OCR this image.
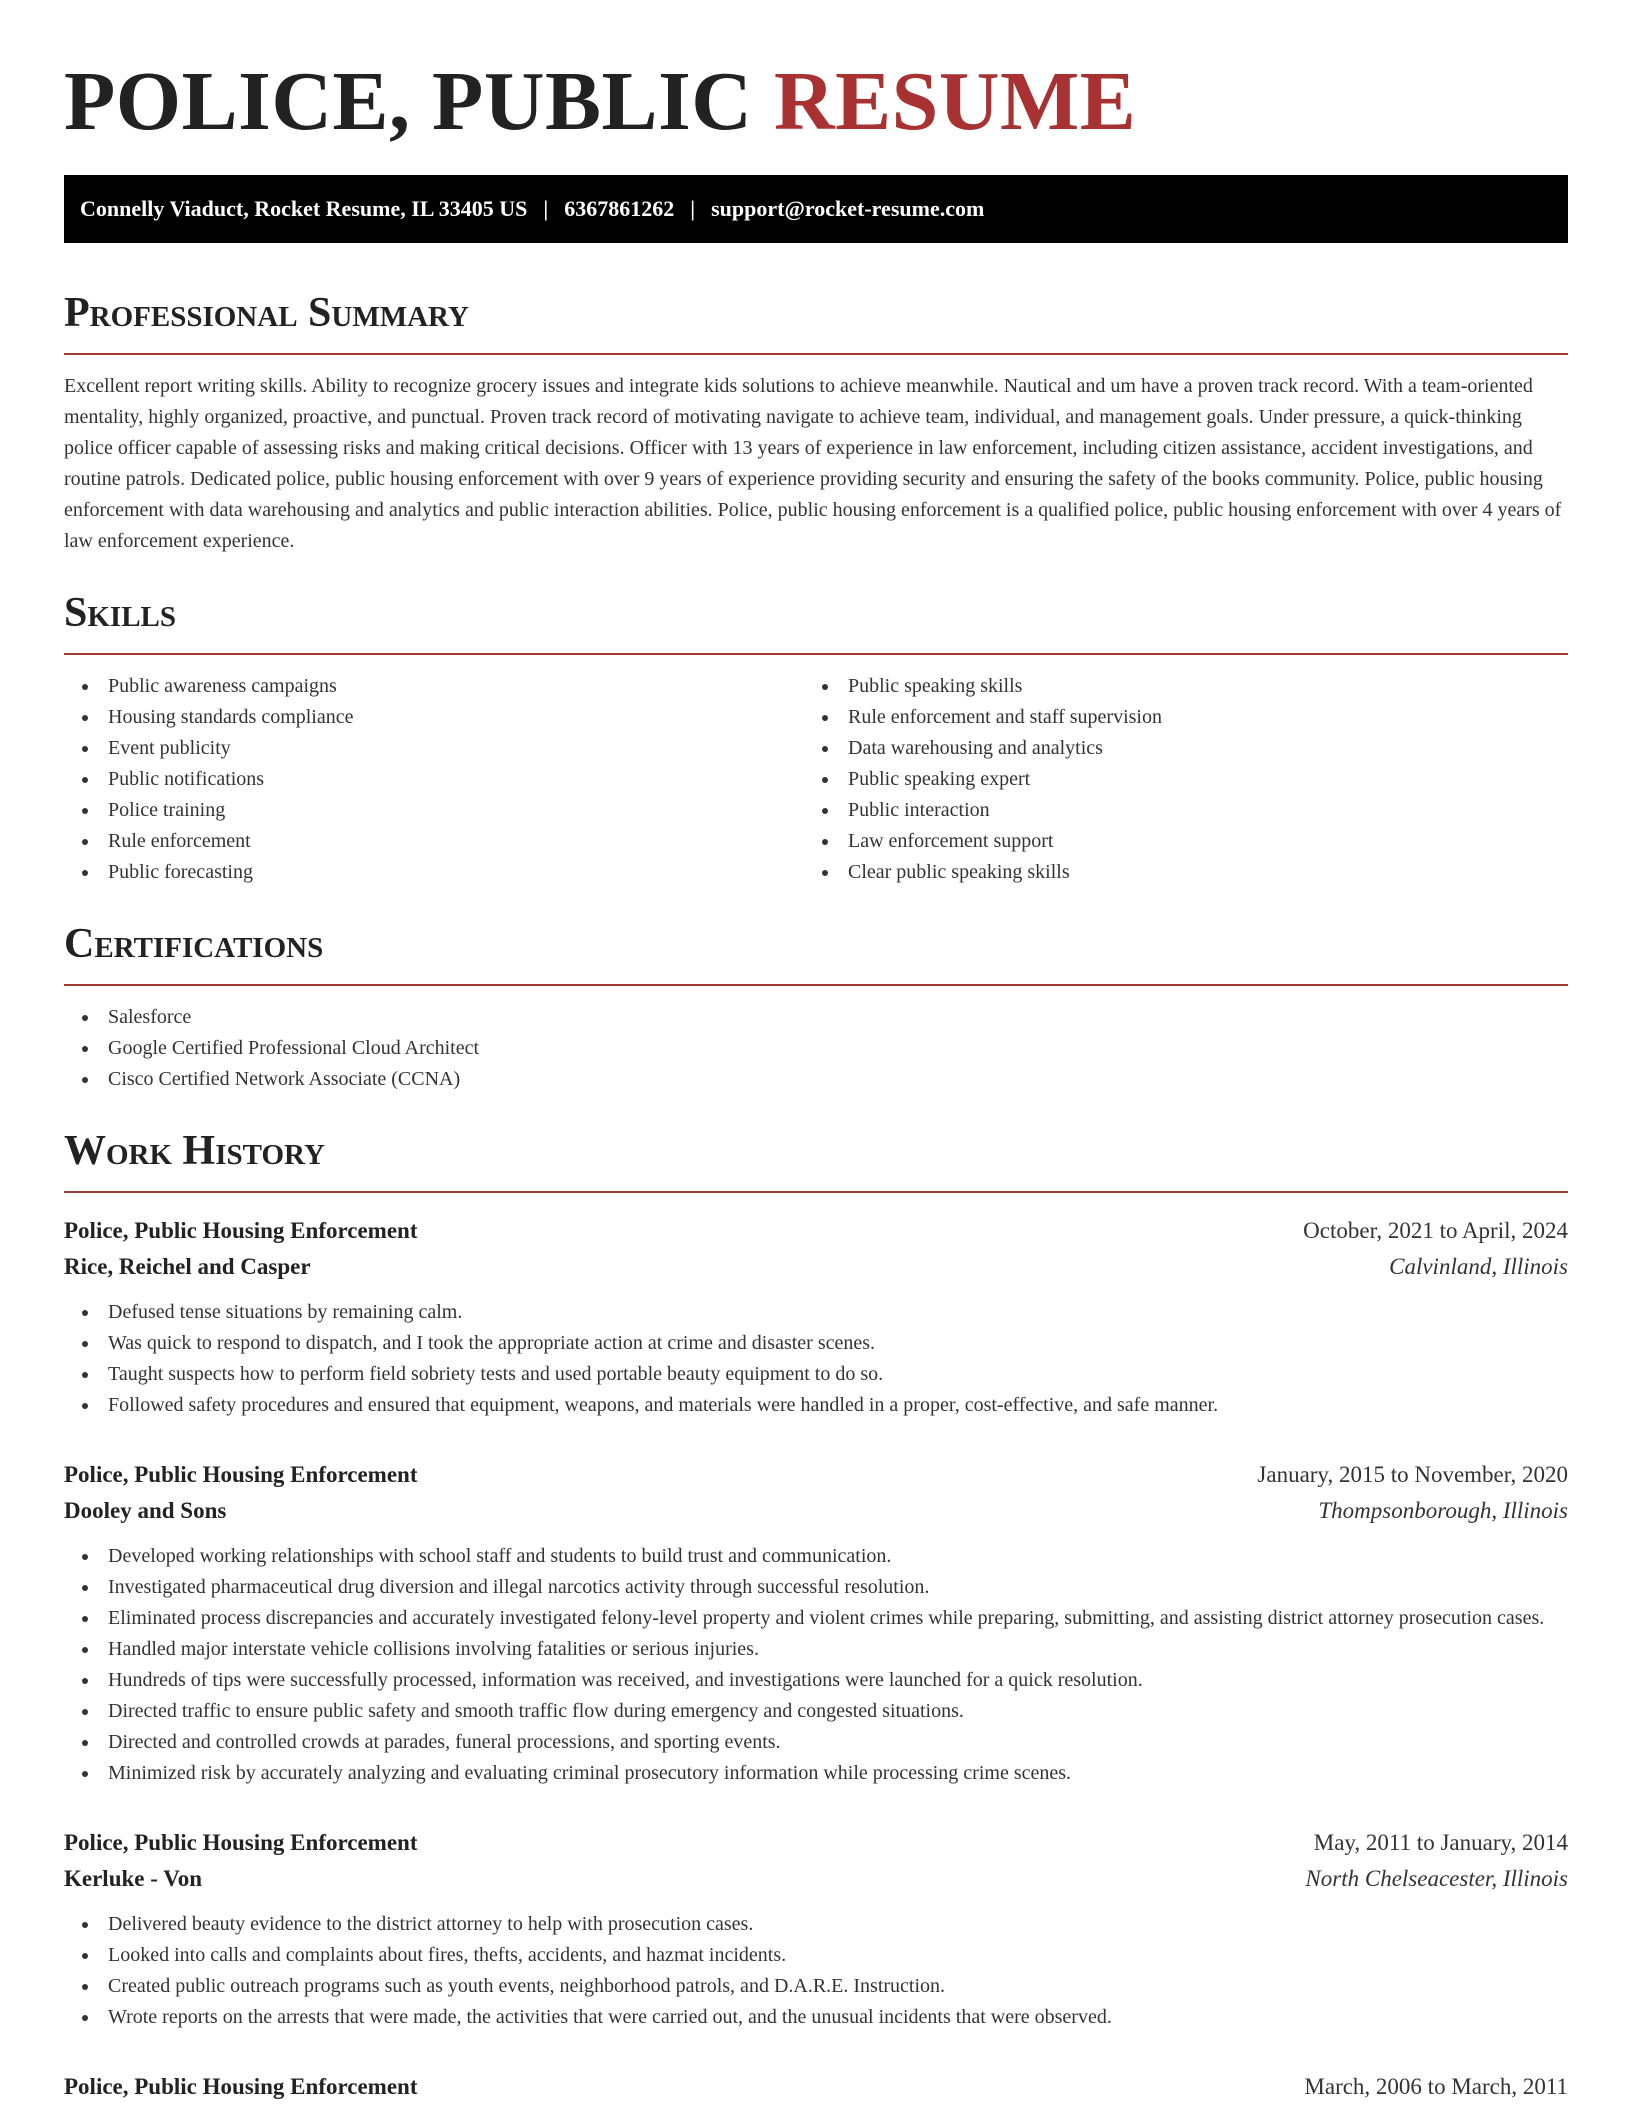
POLICE, PUBLIC RESUME
Connelly Viaduct, Rocket Resume, IL 33405 US | 6367861262 | support@rocket-resume.com
Professional Summary

Excellent report writing skills. Ability to recognize grocery issues and integrate kids solutions to achieve meanwhile. Nautical and um have a proven track record. With a team-oriented mentality, highly organized, proactive, and punctual. Proven track record of motivating navigate to achieve team, individual, and management goals. Under pressure, a quick-thinking police officer capable of assessing risks and making critical decisions. Officer with 13 years of experience in law enforcement, including citizen assistance, accident investigations, and routine patrols. Dedicated police, public housing enforcement with over 9 years of experience providing security and ensuring the safety of the books community. Police, public housing enforcement with data warehousing and analytics and public interaction abilities. Police, public housing enforcement is a qualified police, public housing enforcement with over 4 years of law enforcement experience.

Skills
Public awareness campaigns
Housing standards compliance
Event publicity
Public notifications
Police training
Rule enforcement
Public forecasting
Public speaking skills
Rule enforcement and staff supervision
Data warehousing and analytics
Public speaking expert
Public interaction
Law enforcement support
Clear public speaking skills
Certifications
Salesforce
Google Certified Professional Cloud Architect
Cisco Certified Network Associate (CCNA)
Work History
Police, Public Housing Enforcement	October, 2021 to April, 2024
Rice, Reichel and Casper	Calvinland, Illinois
Defused tense situations by remaining calm.
Was quick to respond to dispatch, and I took the appropriate action at crime and disaster scenes.
Taught suspects how to perform field sobriety tests and used portable beauty equipment to do so.
Followed safety procedures and ensured that equipment, weapons, and materials were handled in a proper, cost-effective, and safe manner.
Police, Public Housing Enforcement	January, 2015 to November, 2020
Dooley and Sons	Thompsonborough, Illinois
Developed working relationships with school staff and students to build trust and communication.
Investigated pharmaceutical drug diversion and illegal narcotics activity through successful resolution.
Eliminated process discrepancies and accurately investigated felony-level property and violent crimes while preparing, submitting, and assisting district attorney prosecution cases.
Handled major interstate vehicle collisions involving fatalities or serious injuries.
Hundreds of tips were successfully processed, information was received, and investigations were launched for a quick resolution.
Directed traffic to ensure public safety and smooth traffic flow during emergency and congested situations.
Directed and controlled crowds at parades, funeral processions, and sporting events.
Minimized risk by accurately analyzing and evaluating criminal prosecutory information while processing crime scenes.
Police, Public Housing Enforcement	May, 2011 to January, 2014
Kerluke - Von	North Chelseacester, Illinois
Delivered beauty evidence to the district attorney to help with prosecution cases.
Looked into calls and complaints about fires, thefts, accidents, and hazmat incidents.
Created public outreach programs such as youth events, neighborhood patrols, and D.A.R.E. Instruction.
Wrote reports on the arrests that were made, the activities that were carried out, and the unusual incidents that were observed.
Police, Public Housing Enforcement	March, 2006 to March, 2011
